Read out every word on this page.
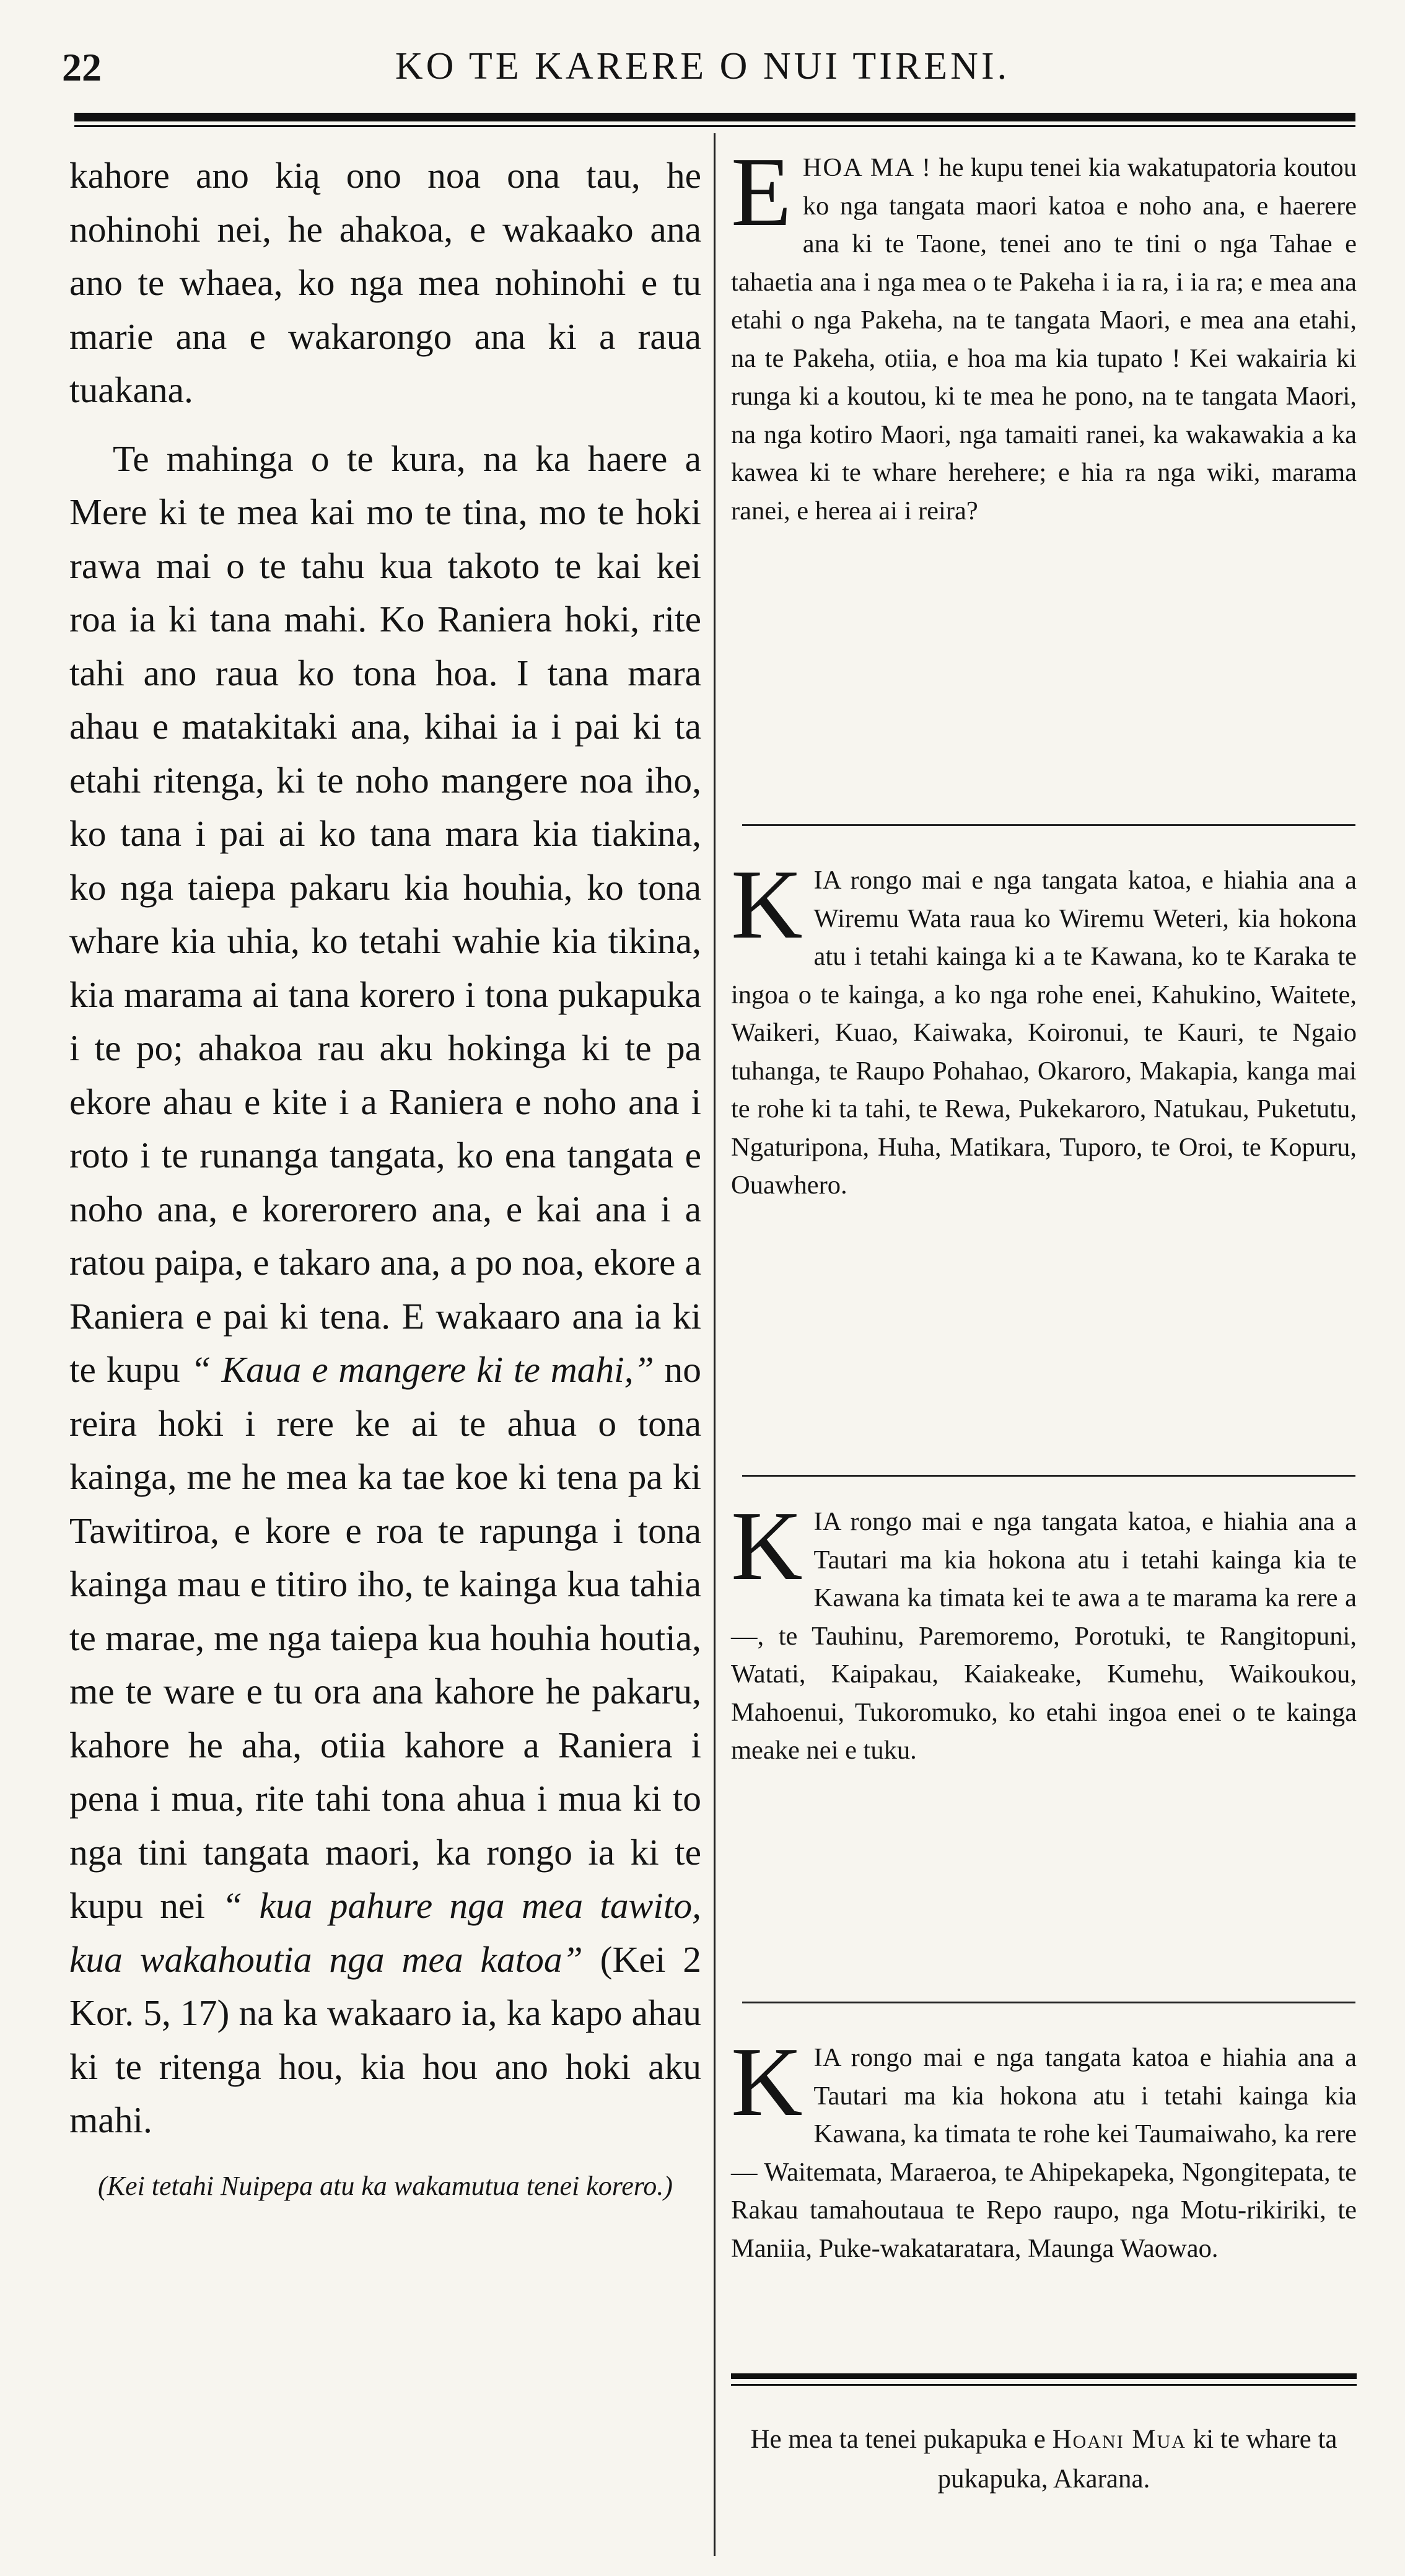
22	KO TE KARERE O NUI TIRENI.

kahore ano kią ono noa ona tau, he nohinohi nei, he ahakoa, e wakaako ana ano te whaea, ko nga mea nohinohi e tu marie ana e wakarongo ana ki a raua tuakana.

Te mahinga o te kura, na ka haere a Mere ki te mea kai mo te tina, mo te hoki rawa mai o te tahu kua takoto te kai kei roa ia ki tana mahi. Ko Raniera hoki, rite tahi ano raua ko tona hoa. I tana mara ahau e matakitaki ana, kihai ia i pai ki ta etahi ritenga, ki te noho mangere noa iho, ko tana i pai ai ko tana mara kia tiakina, ko nga taiepa pakaru kia houhia, ko tona whare kia uhia, ko tetahi wahie kia tikina, kia marama ai tana korero i tona pukapuka i te po; ahakoa rau aku hokinga ki te pa ekore ahau e kite i a Raniera e noho ana i roto i te runanga tangata, ko ena tangata e noho ana, e korerorero ana, e kai ana i a ratou paipa, e takaro ana, a po noa, ekore a Raniera e pai ki tena. E wakaaro ana ia ki te kupu “ Kaua e mangere ki te mahi,” no reira hoki i rere ke ai te ahua o tona kainga, me he mea ka tae koe ki tena pa ki Tawitiroa, e kore e roa te rapunga i tona kainga mau e titiro iho, te kainga kua tahia te marae, me nga taiepa kua houhia houtia, me te ware e tu ora ana kahore he pakaru, kahore he aha, otiia kahore a Raniera i pena i mua, rite tahi tona ahua i mua ki to nga tini tangata maori, ka rongo ia ki te kupu nei “ kua pahure nga mea tawito, kua wakahoutia nga mea katoa” (Kei 2 Kor. 5, 17) na ka wakaaro ia, ka kapo ahau ki te ritenga hou, kia hou ano hoki aku mahi.

(Kei tetahi Nuipepa atu ka wakamutua tenei korero.)
EHOA MA ! he kupu tenei kia wakatupatoria koutou ko nga tangata maori katoa e noho ana, e haerere ana ki te Taone, tenei ano te tini o nga Tahae e tahaetia ana i nga mea o te Pakeha i ia ra, i ia ra; e mea ana etahi o nga Pakeha, na te tangata Maori, e mea ana etahi, na te Pakeha, otiia, e hoa ma kia tupato ! Kei wakairia ki runga ki a koutou, ki te mea he pono, na te tangata Maori, na nga kotiro Maori, nga tamaiti ranei, ka wakawakia a ka kawea ki te whare herehere; e hia ra nga wiki, marama ranei, e herea ai i reira?
KIA rongo mai e nga tangata katoa, e hiahia ana a Wiremu Wata raua ko Wiremu Weteri, kia hokona atu i tetahi kainga ki a te Kawana, ko te Karaka te ingoa o te kainga, a ko nga rohe enei, Kahukino, Waitete, Waikeri, Kuao, Kaiwaka, Koironui, te Kauri, te Ngaio tuhanga, te Raupo Pohahao, Okaroro, Makapia, kanga mai te rohe ki ta tahi, te Rewa, Pukekaroro, Natukau, Puketutu, Ngaturipona, Huha, Matikara, Tuporo, te Oroi, te Kopuru, Ouawhero.
KIA rongo mai e nga tangata katoa, e hiahia ana a Tautari ma kia hokona atu i tetahi kainga kia te Kawana ka timata kei te awa a te marama ka rere a —, te Tauhinu, Paremoremo, Porotuki, te Rangitopuni, Watati, Kaipakau, Kaiakeake, Kumehu, Waikoukou, Mahoenui, Tukoromuko, ko etahi ingoa enei o te kainga meake nei e tuku.
KIA rongo mai e nga tangata katoa e hiahia ana a Tautari ma kia hokona atu i tetahi kainga kia Kawana, ka timata te rohe kei Taumaiwaho, ka rere — Waitemata, Maraeroa, te Ahipekapeka, Ngongitepata, te Rakau tamahoutaua te Repo raupo, nga Motu-rikiriki, te Maniia, Puke-wakataratara, Maunga Waowao.
He mea ta tenei pukapuka e Hoani Mua ki te whare ta pukapuka, Akarana.
